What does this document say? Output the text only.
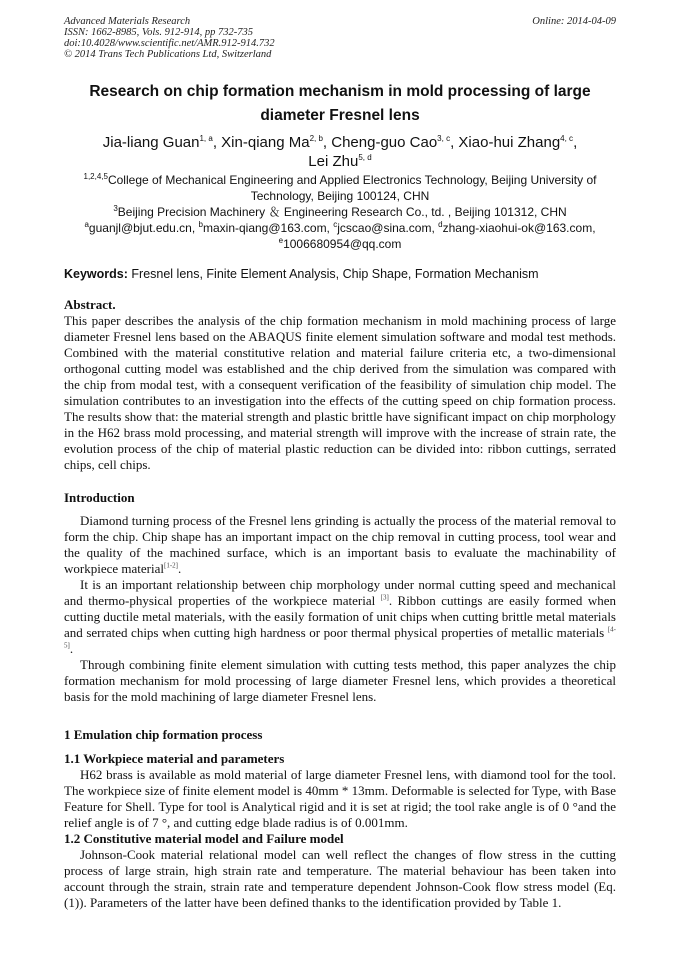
Advanced Materials Research
ISSN: 1662-8985, Vols. 912-914, pp 732-735
doi:10.4028/www.scientific.net/AMR.912-914.732
© 2014 Trans Tech Publications Ltd, Switzerland
Online: 2014-04-09
Research on chip formation mechanism in mold processing of large
diameter Fresnel lens
Jia-liang Guan$^{1, a}$, Xin-qiang Ma$^{2, b}$, Cheng-guo Cao$^{3, c}$, Xiao-hui Zhang$^{4, c}$,
Lei Zhu$^{5, d}$
$^{1,2,4,5}$College of Mechanical Engineering and Applied Electronics Technology, Beijing University of Technology, Beijing 100124, CHN
$^3$Beijing Precision Machinery ＆ Engineering Research Co., td. , Beijing 101312, CHN
$^a$guanjl@bjut.edu.cn, $^b$maxin-qiang@163.com, $^c$jcscao@sina.com, $^d$zhang-xiaohui-ok@163.com,
$^e$1006680954@qq.com
Keywords: Fresnel lens, Finite Element Analysis, Chip Shape, Formation Mechanism
Abstract.
This paper describes the analysis of the chip formation mechanism in mold machining process of large diameter Fresnel lens based on the ABAQUS finite element simulation software and modal test methods. Combined with the material constitutive relation and material failure criteria etc, a two-dimensional orthogonal cutting model was established and the chip derived from the simulation was compared with the chip from modal test, with a consequent verification of the feasibility of simulation chip model. The simulation contributes to an investigation into the effects of the cutting speed on chip formation process. The results show that: the material strength and plastic brittle have significant impact on chip morphology in the H62 brass mold processing, and material strength will improve with the increase of strain rate, the evolution process of the chip of material plastic reduction can be divided into: ribbon cuttings, serrated chips, cell chips.
Introduction
Diamond turning process of the Fresnel lens grinding is actually the process of the material removal to form the chip. Chip shape has an important impact on the chip removal in cutting process, tool wear and the quality of the machined surface, which is an important basis to evaluate the machinability of workpiece material[1-2].
It is an important relationship between chip morphology under normal cutting speed and mechanical and thermo-physical properties of the workpiece material [3]. Ribbon cuttings are easily formed when cutting ductile metal materials, with the easily formation of unit chips when cutting brittle metal materials and serrated chips when cutting high hardness or poor thermal physical properties of metallic materials [4-5].
Through combining finite element simulation with cutting tests method, this paper analyzes the chip formation mechanism for mold processing of large diameter Fresnel lens, which provides a theoretical basis for the mold machining of large diameter Fresnel lens.
1 Emulation chip formation process
1.1 Workpiece material and parameters
H62 brass is available as mold material of large diameter Fresnel lens, with diamond tool for the tool. The workpiece size of finite element model is 40mm * 13mm. Deformable is selected for Type, with Base Feature for Shell. Type for tool is Analytical rigid and it is set at rigid; the tool rake angle is of 0 °and the relief angle is of 7 °, and cutting edge blade radius is of 0.001mm.
1.2 Constitutive material model and Failure model
Johnson-Cook material relational model can well reflect the changes of flow stress in the cutting process of large strain, high strain rate and temperature. The material behaviour has been taken into account through the strain, strain rate and temperature dependent Johnson-Cook flow stress model (Eq. (1)). Parameters of the latter have been defined thanks to the identification provided by Table 1.
